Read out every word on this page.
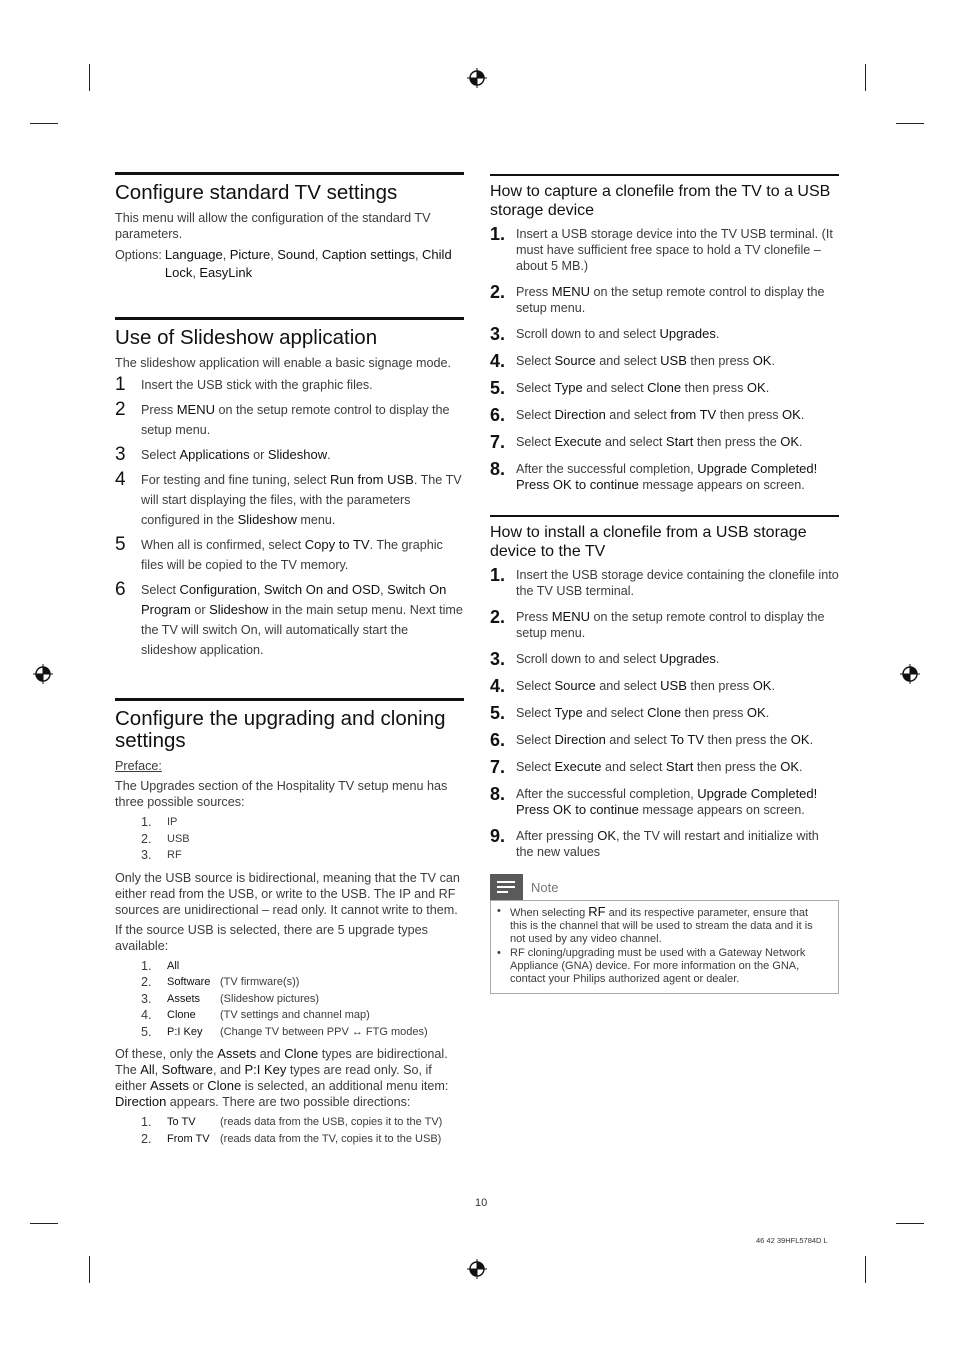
Configure standard TV settings

This menu will allow the configuration of the standard TV parameters.

Options: Language, Picture, Sound, Caption settings, Child Lock, EasyLink
Use of Slideshow application

The slideshow application will enable a basic signage mode.

1	Insert the USB stick with the graphic files.
2	Press MENU on the setup remote control to display the setup menu.
3	Select Applications or Slideshow.
4	For testing and fine tuning, select Run from USB. The TV will start displaying the files, with the parameters configured in the Slideshow menu.
5	When all is confirmed, select Copy to TV. The graphic files will be copied to the TV memory.
6	Select Configuration, Switch On and OSD, Switch On Program or Slideshow in the main setup menu. Next time the TV will switch On, will automatically start the slideshow application.
Configure the upgrading and cloning settings

Preface:

The Upgrades section of the Hospitality TV setup menu has three possible sources:

1.	IP
2.	USB
3.	RF

Only the USB source is bidirectional, meaning that the TV can either read from the USB, or write to the USB. The IP and RF sources are unidirectional – read only. It cannot write to them.

If the source USB is selected, there are 5 upgrade types available:

1.	All
2.	Software (TV firmware(s))
3.	Assets	(Slideshow pictures)
4.	Clone	(TV settings and channel map)
5.	P:I Key	(Change TV between PPV ↔ FTG modes)

Of these, only the Assets and Clone types are bidirectional. The All, Software, and P:I Key types are read only. So, if either Assets or Clone is selected, an additional menu item: Direction appears. There are two possible directions:

1.	To TV	(reads data from the USB, copies it to the TV)
2.	From TV (reads data from the TV, copies it to the USB)
How to capture a clonefile from the TV to a USB storage device
1. Insert a USB storage device into the TV USB terminal. (It must have sufficient free space to hold a TV clonefile – about 5 MB.)
2. Press MENU on the setup remote control to display the setup menu.
3. Scroll down to and select Upgrades.
4. Select Source and select USB then press OK.
5. Select Type and select Clone then press OK.
6. Select Direction and select from TV then press OK.
7. Select Execute and select Start then press the OK.
8. After the successful completion, Upgrade Completed! Press OK to continue message appears on screen.
How to install a clonefile from a USB storage device to the TV
1. Insert the USB storage device containing the clonefile into the TV USB terminal.
2. Press MENU on the setup remote control to display the setup menu.
3. Scroll down to and select Upgrades.
4. Select Source and select USB then press OK.
5. Select Type and select Clone then press OK.
6. Select Direction and select To TV then press the OK.
7. Select Execute and select Start then press the OK.
8. After the successful completion, Upgrade Completed! Press OK to continue message appears on screen.
9. After pressing OK, the TV will restart and initialize with the new values
Note
• When selecting RF and its respective parameter, ensure that this is the channel that will be used to stream the data and it is not used by any video channel.
• RF cloning/upgrading must be used with a Gateway Network Appliance (GNA) device. For more information on the GNA, contact your Philips authorized agent or dealer.
10
46 42 39HFL5784D L
